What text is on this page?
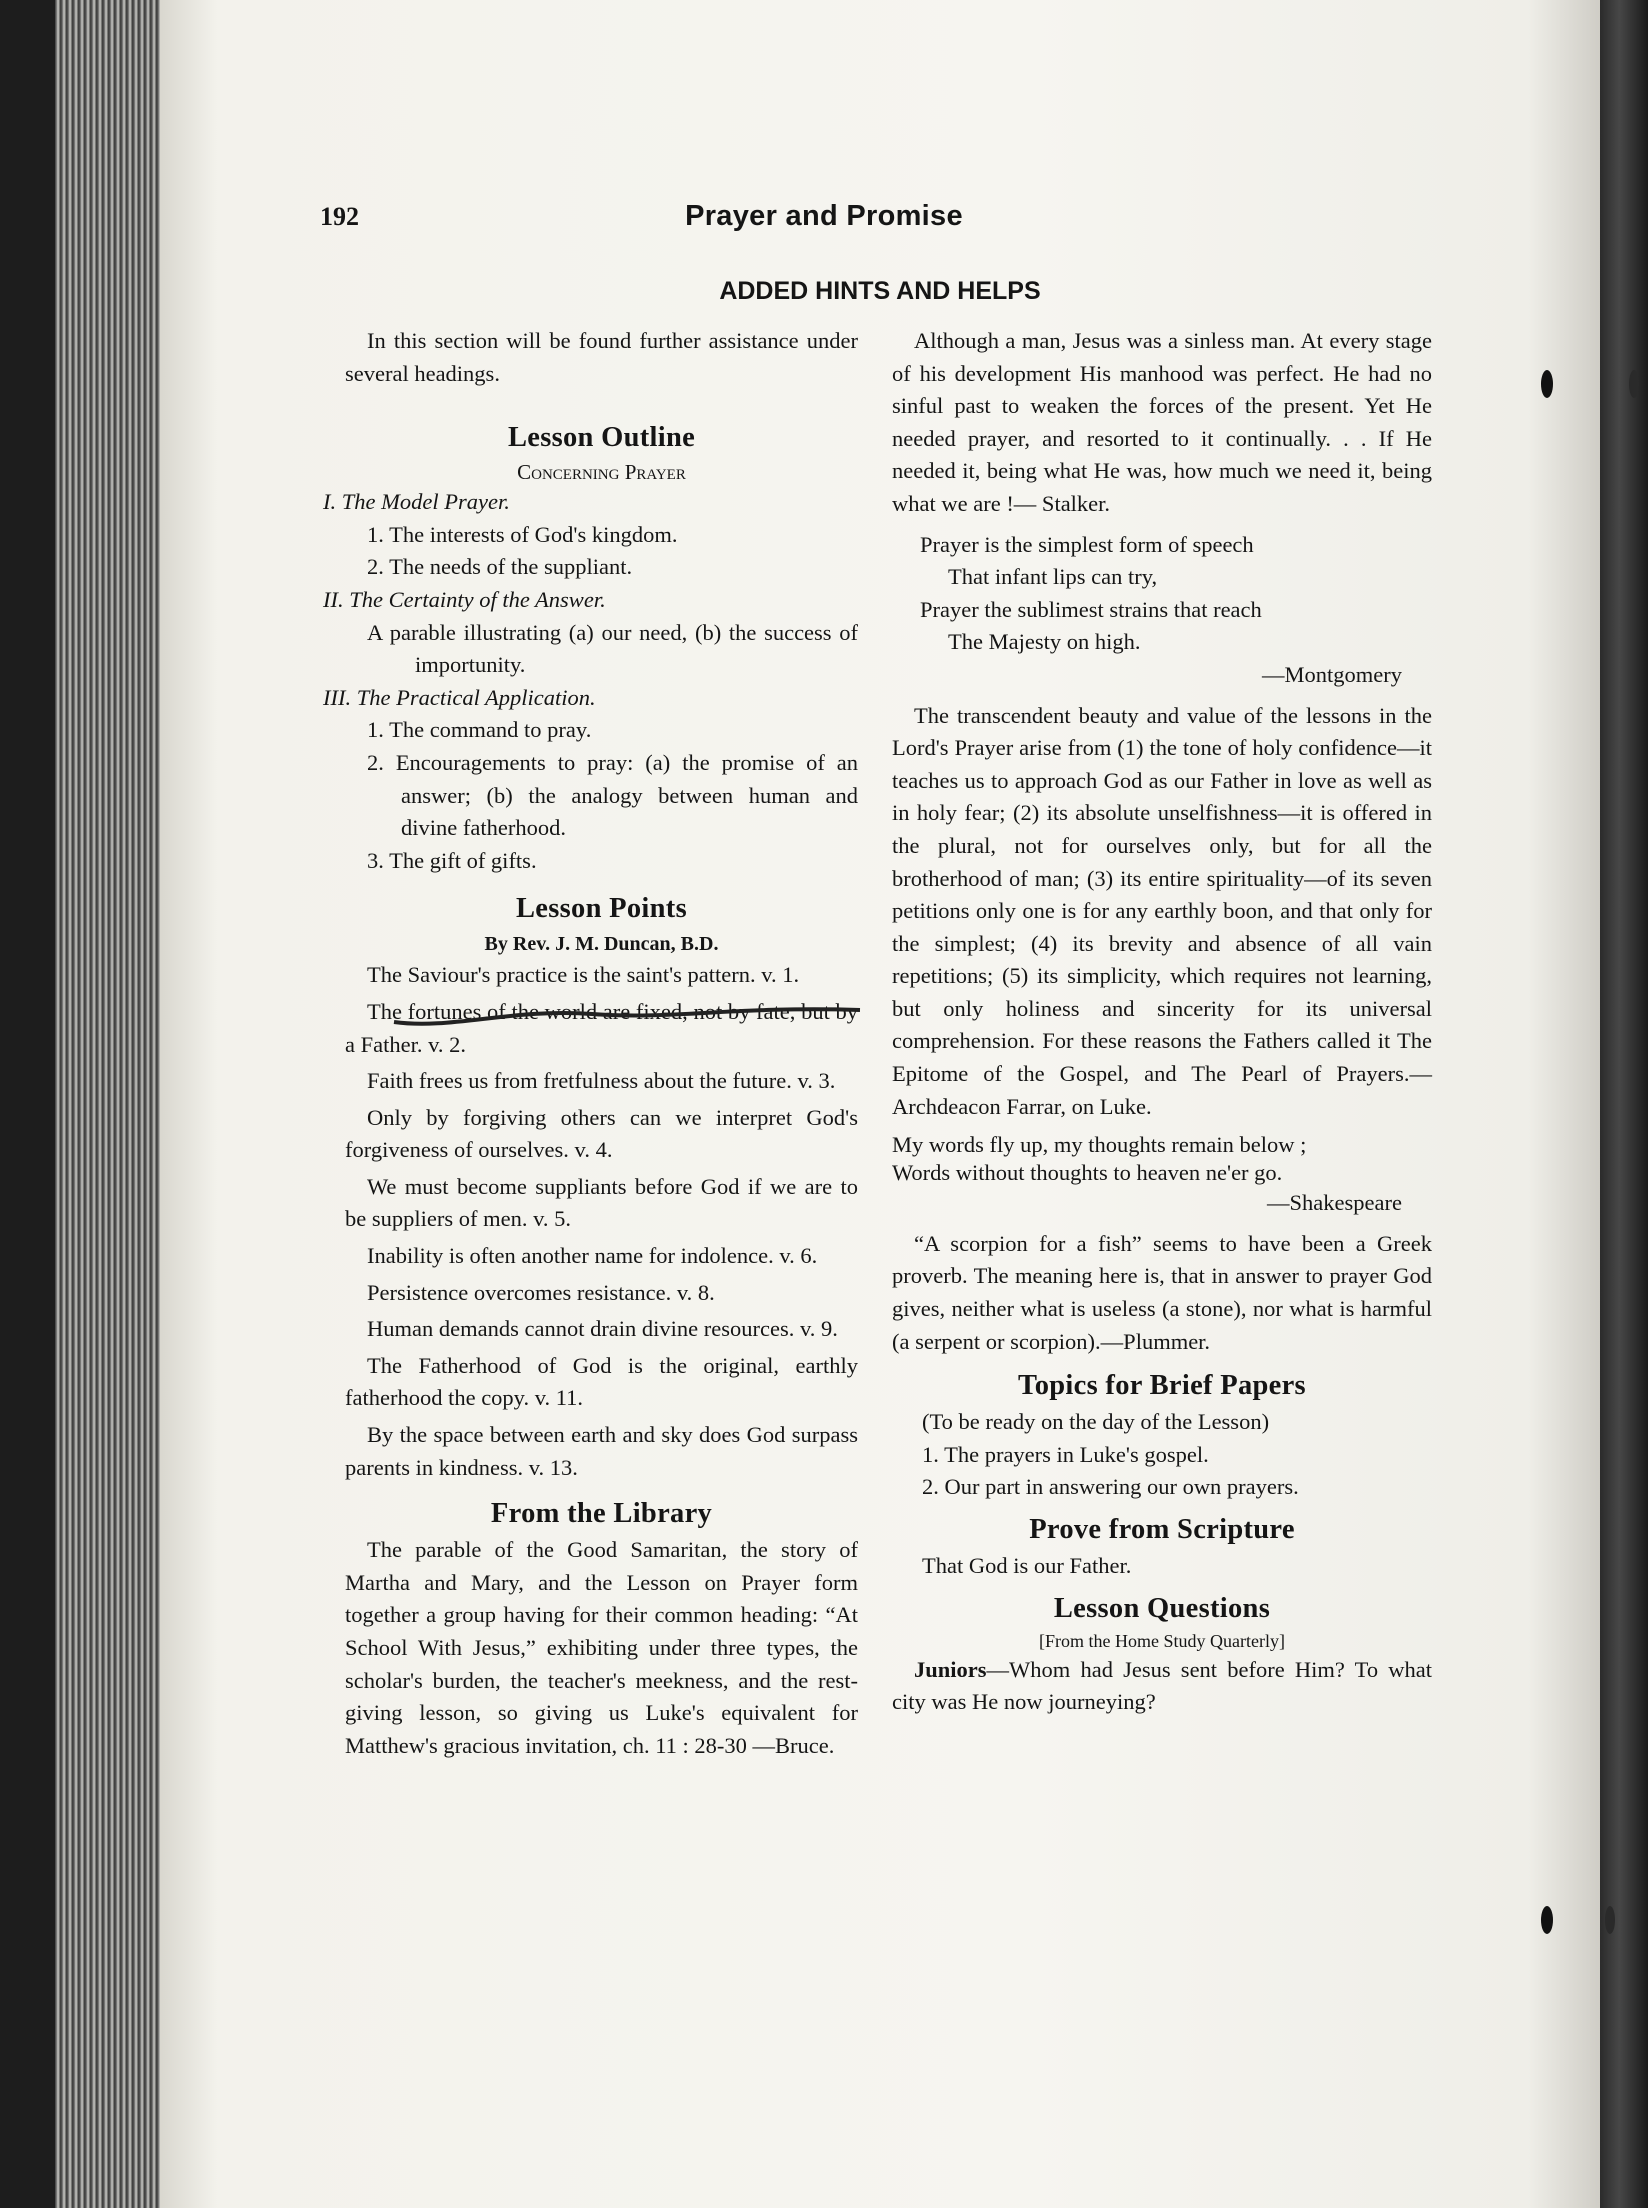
192	Prayer and Promise
ADDED HINTS AND HELPS

In this section will be found further assistance under several headings.

Lesson Outline

Concerning Prayer

I. The Model Prayer.

1. The interests of God's kingdom.

2. The needs of the suppliant.

II. The Certainty of the Answer.

A parable illustrating (a) our need, (b) the success of importunity.

III. The Practical Application.

1. The command to pray.

2. Encouragements to pray: (a) the promise of an answer; (b) the analogy between human and divine fatherhood.

3. The gift of gifts.

Lesson Points

By Rev. J. M. Duncan, B.D.

The Saviour's practice is the saint's pattern. v. 1.

The fortunes of the world are fixed, not by fate, but by a Father. v. 2.

Faith frees us from fretfulness about the future. v. 3.

Only by forgiving others can we interpret God's forgiveness of ourselves. v. 4.

We must become suppliants before God if we are to be suppliers of men. v. 5.

Inability is often another name for indolence. v. 6.

Persistence overcomes resistance. v. 8.

Human demands cannot drain divine resources. v. 9.

The Fatherhood of God is the original, earthly fatherhood the copy. v. 11.

By the space between earth and sky does God surpass parents in kindness. v. 13.

From the Library

The parable of the Good Samaritan, the story of Martha and Mary, and the Lesson on Prayer form together a group having for their common heading: “At School With Jesus,” exhibiting under three types, the scholar's burden, the teacher's meekness, and the rest-giving lesson, so giving us Luke's equivalent for Matthew's gracious invitation, ch. 11 : 28-30 —Bruce.

Although a man, Jesus was a sinless man. At every stage of his development His manhood was perfect. He had no sinful past to weaken the forces of the present. Yet He needed prayer, and resorted to it continually. . . If He needed it, being what He was, how much we need it, being what we are !— Stalker.

Prayer is the simplest form of speech

That infant lips can try,

Prayer the sublimest strains that reach

The Majesty on high.

—Montgomery

The transcendent beauty and value of the lessons in the Lord's Prayer arise from (1) the tone of holy confidence—it teaches us to approach God as our Father in love as well as in holy fear; (2) its absolute unselfishness—it is offered in the plural, not for ourselves only, but for all the brotherhood of man; (3) its entire spirituality—of its seven petitions only one is for any earthly boon, and that only for the simplest; (4) its brevity and absence of all vain repetitions; (5) its simplicity, which requires not learning, but only holiness and sincerity for its universal comprehension. For these reasons the Fathers called it The Epitome of the Gospel, and The Pearl of Prayers.— Archdeacon Farrar, on Luke.

My words fly up, my thoughts remain below ;

Words without thoughts to heaven ne'er go.

—Shakespeare

“A scorpion for a fish” seems to have been a Greek proverb. The meaning here is, that in answer to prayer God gives, neither what is useless (a stone), nor what is harmful (a serpent or scorpion).—Plummer.

Topics for Brief Papers

(To be ready on the day of the Lesson)

1. The prayers in Luke's gospel.

2. Our part in answering our own prayers.

Prove from Scripture

That God is our Father.

Lesson Questions

[From the Home Study Quarterly]

Juniors—Whom had Jesus sent before Him? To what city was He now journeying?
